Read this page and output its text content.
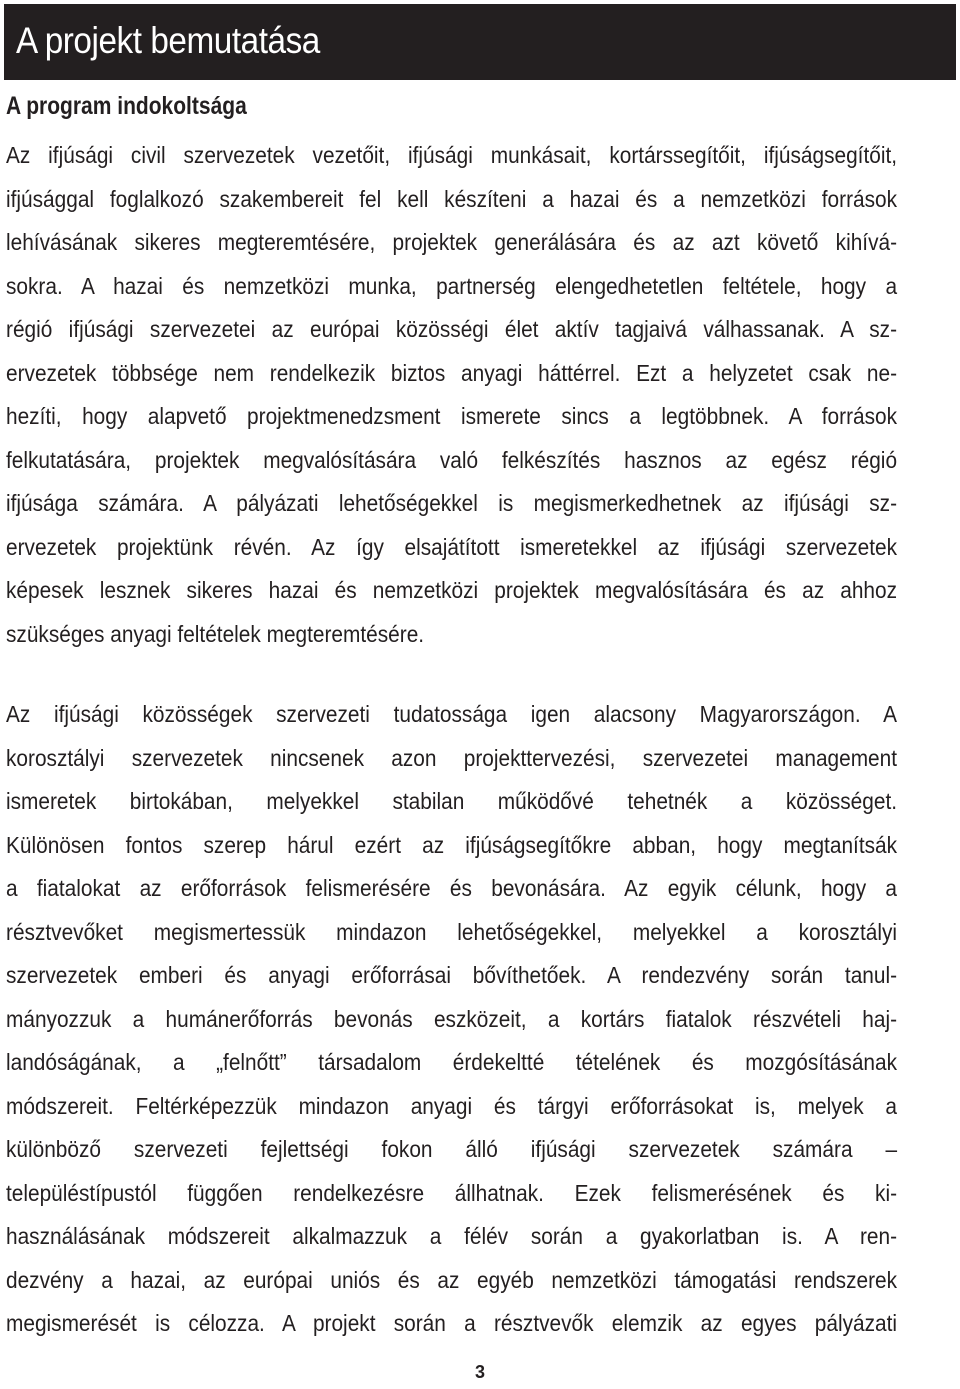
A projekt bemutatása
A program indokoltsága

Az ifjúsági civil szervezetek vezetőit, ifjúsági munkásait, kortárssegítőit, ifjúságsegítőit,
ifjúsággal foglalkozó szakembereit fel kell készíteni a hazai és a nemzetközi források
lehívásának sikeres megteremtésére, projektek generálására és az azt követő kihívá-
sokra. A hazai és nemzetközi munka, partnerség elengedhetetlen feltétele, hogy a
régió ifjúsági szervezetei az európai közösségi élet aktív tagjaivá válhassanak. A sz-
ervezetek többsége nem rendelkezik biztos anyagi háttérrel. Ezt a helyzetet csak ne-
hezíti, hogy alapvető projektmenedzsment ismerete sincs a legtöbbnek. A források
felkutatására, projektek megvalósítására való felkészítés hasznos az egész régió
ifjúsága számára. A pályázati lehetőségekkel is megismerkedhetnek az ifjúsági sz-
ervezetek projektünk révén. Az így elsajátított ismeretekkel az ifjúsági szervezetek
képesek lesznek sikeres hazai és nemzetközi projektek megvalósítására és az ahhoz
szükséges anyagi feltételek megteremtésére.

Az ifjúsági közösségek szervezeti tudatossága igen alacsony Magyarországon. A
korosztályi szervezetek nincsenek azon projekttervezési, szervezetei management
ismeretek birtokában, melyekkel stabilan működővé tehetnék a közösséget.
Különösen fontos szerep hárul ezért az ifjúságsegítőkre abban, hogy megtanítsák
a fiatalokat az erőforrások felismerésére és bevonására. Az egyik célunk, hogy a
résztvevőket megismertessük mindazon lehetőségekkel, melyekkel a korosztályi
szervezetek emberi és anyagi erőforrásai bővíthetőek. A rendezvény során tanul-
mányozzuk a humánerőforrás bevonás eszközeit, a kortárs fiatalok részvételi haj-
landóságának, a „felnőtt” társadalom érdekeltté tételének és mozgósításának
módszereit. Feltérképezzük mindazon anyagi és tárgyi erőforrásokat is, melyek a
különböző szervezeti fejlettségi fokon álló ifjúsági szervezetek számára –
településtípustól függően rendelkezésre állhatnak. Ezek felismerésének és ki-
használásának módszereit alkalmazzuk a félév során a gyakorlatban is. A ren-
dezvény a hazai, az európai uniós és az egyéb nemzetközi támogatási rendszerek
megismerését is célozza. A projekt során a résztvevők elemzik az egyes pályázati

3
